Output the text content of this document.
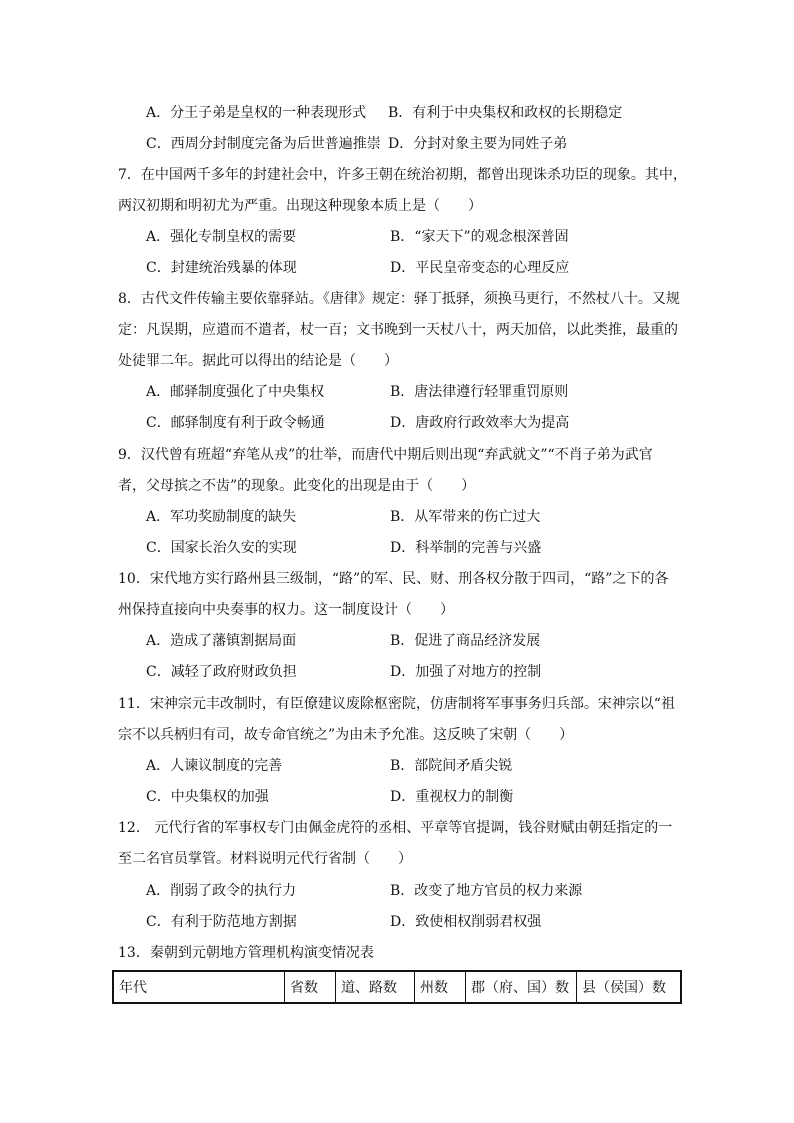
A．分王子弟是皇权的一种表现形式 B．有利于中央集权和政权的长期稳定
C．西周分封制度完备为后世普遍推崇 D．分封对象主要为同姓子弟
7．在中国两千多年的封建社会中，许多王朝在统治初期，都曾出现诛杀功臣的现象。其中，
两汉初期和明初尤为严重。出现这种现象本质上是（　　）
A．强化专制皇权的需要	B．“家天下”的观念根深普固
C．封建统治残暴的体现	D．平民皇帝变态的心理反应
8．古代文件传输主要依靠驿站。《唐律》规定：驿丁抵驿，须换马更行，不然杖八十。又规
定：凡误期，应遣而不遣者，杖一百；文书晚到一天杖八十，两天加倍，以此类推，最重的
处徒罪二年。据此可以得出的结论是（　　）
A．邮驿制度强化了中央集权	B．唐法律遵行轻罪重罚原则
C．邮驿制度有利于政令畅通	D．唐政府行政效率大为提高
9．汉代曾有班超“弃笔从戎”的壮举，而唐代中期后则出现“弃武就文”“不肖子弟为武官
者，父母摈之不齿”的现象。此变化的出现是由于（　　）
A．军功奖励制度的缺失	B．从军带来的伤亡过大
C．国家长治久安的实现	D．科举制的完善与兴盛
10．宋代地方实行路州县三级制，“路”的军、民、财、刑各权分散于四司，“路”之下的各
州保持直接向中央奏事的权力。这一制度设计（　　）
A．造成了藩镇割据局面	B．促进了商品经济发展
C．减轻了政府财政负担	D．加强了对地方的控制
11．宋神宗元丰改制时，有臣僚建议废除枢密院，仿唐制将军事事务归兵部。宋神宗以“祖
宗不以兵柄归有司，故专命官统之”为由未予允准。这反映了宋朝（　　）
A．人谏议制度的完善	B．部院间矛盾尖锐
C．中央集权的加强	D．重视权力的制衡
12.　元代行省的军事权专门由佩金虎符的丞相、平章等官提调，钱谷财赋由朝廷指定的一
至二名官员掌管。材料说明元代行省制（　　）
A．削弱了政令的执行力	B．改变了地方官员的权力来源
C．有利于防范地方割据	D．致使相权削弱君权强
13．秦朝到元朝地方管理机构演变情况表
年代	省数	道、路数	州数	郡（府、国）数	县（侯国）数
